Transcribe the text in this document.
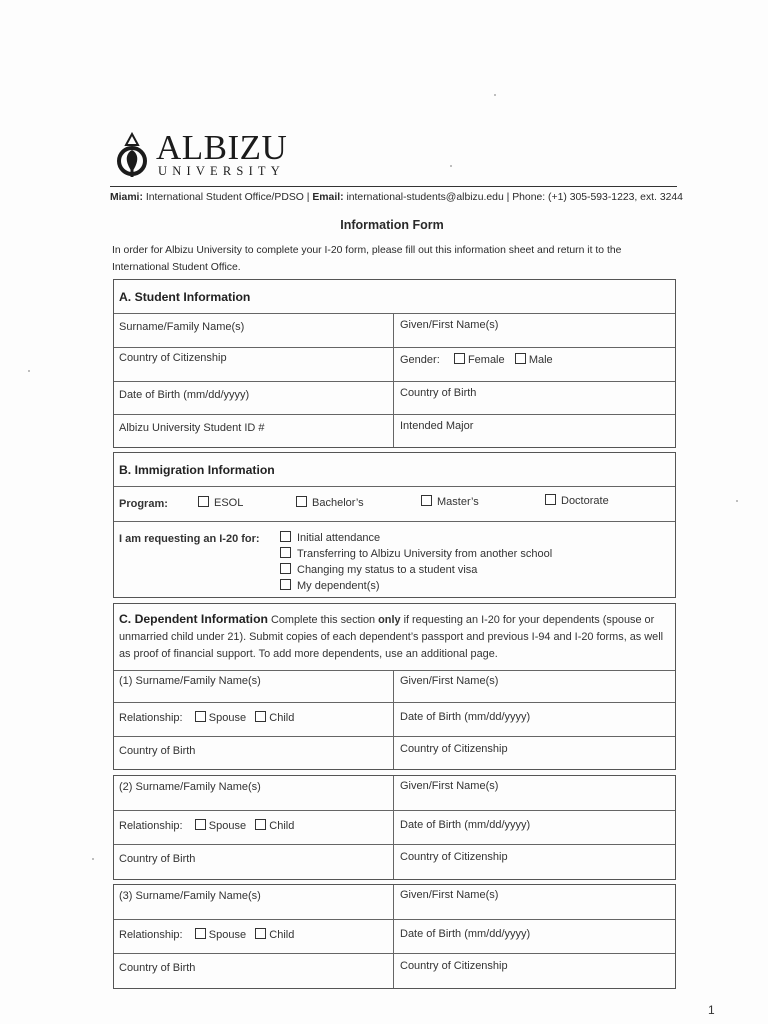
ALBIZU
UNIVERSITY
Miami: International Student Office/PDSO | Email: international-students@albizu.edu | Phone: (+1) 305-593-1223, ext. 3244
Information Form
In order for Albizu University to complete your I-20 form, please fill out this information sheet and return it to the International Student Office.
A. Student Information
Surname/Family Name(s)	Given/First Name(s)
Country of Citizenship	Gender:	Female Male
Date of Birth (mm/dd/yyyy)	Country of Birth
Albizu University Student ID #	Intended Major
B. Immigration Information
Program:	ESOL	Bachelor’s	Master’s	Doctorate
I am requesting an I-20 for:	Initial attendance
Transferring to Albizu University from another school
Changing my status to a student visa
My dependent(s)
C. Dependent Information Complete this section only if requesting an I-20 for your dependents (spouse or unmarried child under 21). Submit copies of each dependent’s passport and previous I-94 and I-20 forms, as well as proof of financial support. To add more dependents, use an additional page.
(1) Surname/Family Name(s)	Given/First Name(s)
Relationship: Spouse Child	Date of Birth (mm/dd/yyyy)
Country of Birth	Country of Citizenship
(2) Surname/Family Name(s)	Given/First Name(s)
Relationship: Spouse Child	Date of Birth (mm/dd/yyyy)
Country of Birth	Country of Citizenship
(3) Surname/Family Name(s)	Given/First Name(s)
Relationship: Spouse Child	Date of Birth (mm/dd/yyyy)
Country of Birth	Country of Citizenship
1
